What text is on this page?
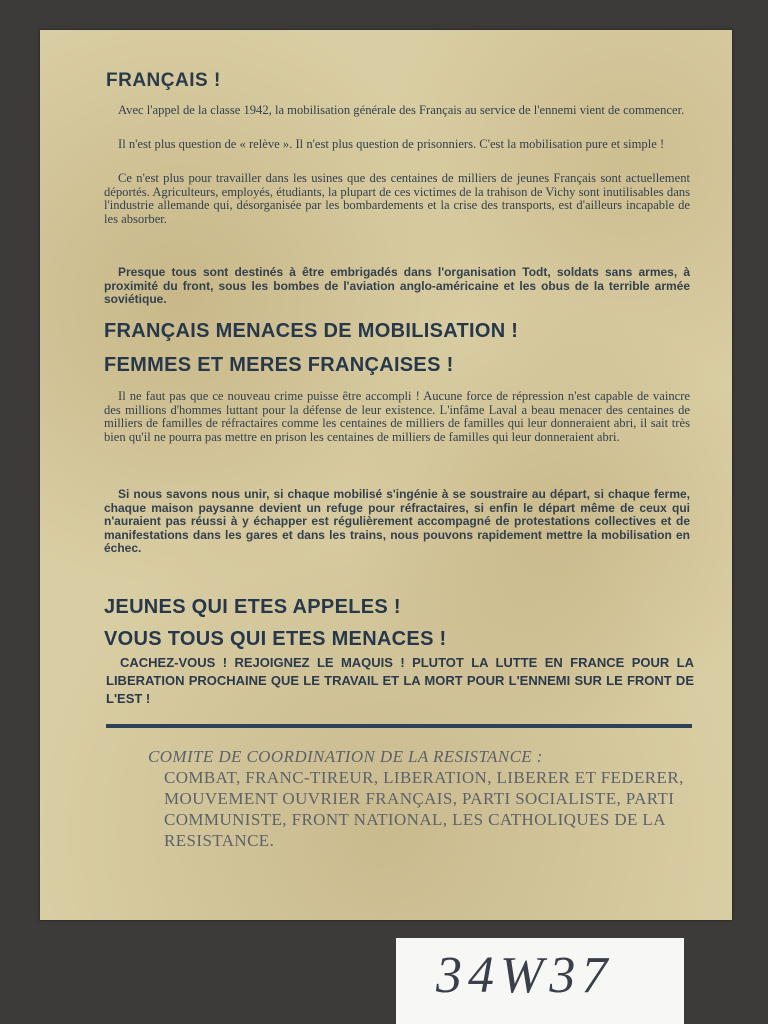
FRANÇAIS !
Avec l'appel de la classe 1942, la mobilisation générale des Français au service de l'ennemi vient de commencer.
Il n'est plus question de « relève ». Il n'est plus question de prisonniers. C'est la mobilisation pure et simple !
Ce n'est plus pour travailler dans les usines que des centaines de milliers de jeunes Français sont actuellement déportés. Agriculteurs, employés, étudiants, la plupart de ces victimes de la trahison de Vichy sont inutilisables dans l'industrie allemande qui, désorganisée par les bombardements et la crise des transports, est d'ailleurs incapable de les absorber.
Presque tous sont destinés à être embrigadés dans l'organisation Todt, soldats sans armes, à proximité du front, sous les bombes de l'aviation anglo-américaine et les obus de la terrible armée soviétique.
FRANÇAIS MENACES DE MOBILISATION !
FEMMES ET MERES FRANÇAISES !
Il ne faut pas que ce nouveau crime puisse être accompli ! Aucune force de répression n'est capable de vaincre des millions d'hommes luttant pour la défense de leur existence. L'infâme Laval a beau menacer des centaines de milliers de familles de réfractaires comme les centaines de milliers de familles qui leur donneraient abri, il sait très bien qu'il ne pourra pas mettre en prison les centaines de milliers de familles qui leur donneraient abri.
Si nous savons nous unir, si chaque mobilisé s'ingénie à se soustraire au départ, si chaque ferme, chaque maison paysanne devient un refuge pour réfractaires, si enfin le départ même de ceux qui n'auraient pas réussi à y échapper est régulièrement accompagné de protestations collectives et de manifestations dans les gares et dans les trains, nous pouvons rapidement mettre la mobilisation en échec.
JEUNES QUI ETES APPELES !
VOUS TOUS QUI ETES MENACES !
CACHEZ-VOUS ! REJOIGNEZ LE MAQUIS ! PLUTOT LA LUTTE EN FRANCE POUR LA LIBERATION PROCHAINE QUE LE TRAVAIL ET LA MORT POUR L'ENNEMI SUR LE FRONT DE L'EST !
COMITE DE COORDINATION DE LA RESISTANCE :
COMBAT, FRANC-TIREUR, LIBERATION, LIBERER ET FEDERER, MOUVEMENT OUVRIER FRANÇAIS, PARTI SOCIALISTE, PARTI COMMUNISTE, FRONT NATIONAL, LES CATHOLIQUES DE LA RESISTANCE.
34W37
